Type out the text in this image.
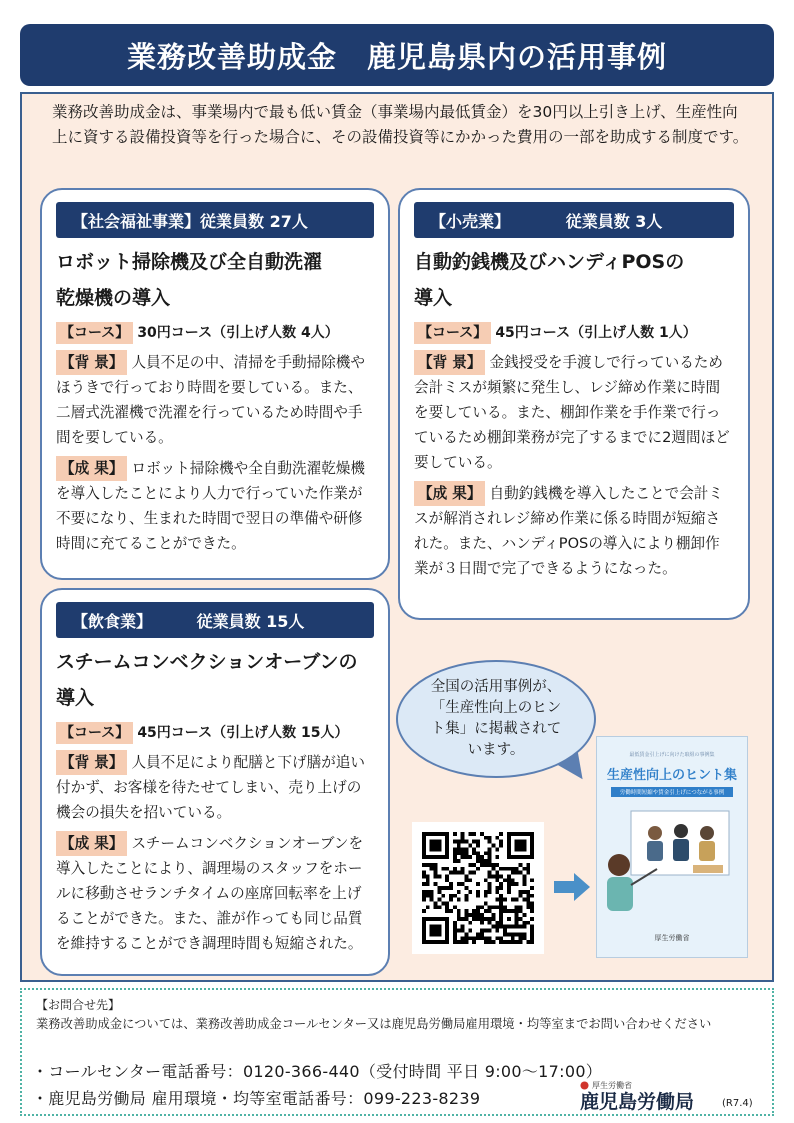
業務改善助成金　鹿児島県内の活用事例

業務改善助成金は、事業場内で最も低い賃金（事業場内最低賃金）を30円以上引き上げ、生産性向上に資する設備投資等を行った場合に、その設備投資等にかかった費用の一部を助成する制度です。

【社会福祉事業】従業員数 27人
ロボット掃除機及び全自動洗濯
乾燥機の導入
【コース】 30円コース（引上げ人数 4人）
【背 景】 人員不足の中、清掃を手動掃除機やほうきで行っており時間を要している。また、二層式洗濯機で洗濯を行っているため時間や手間を要している。
【成 果】 ロボット掃除機や全自動洗濯乾燥機を導入したことにより人力で行っていた作業が不要になり、生まれた時間で翌日の準備や研修時間に充てることができた。
【小売業】          従業員数 3人
自動釣銭機及びハンディPOSの
導入
【コース】 45円コース（引上げ人数 1人）
【背 景】 金銭授受を手渡しで行っているため会計ミスが頻繁に発生し、レジ締め作業に時間を要している。また、棚卸作業を手作業で行っているため棚卸業務が完了するまでに2週間ほど要している。
【成 果】 自動釣銭機を導入したことで会計ミスが解消されレジ締め作業に係る時間が短縮された。また、ハンディPOSの導入により棚卸作業が３日間で完了できるようになった。
【飲食業】        従業員数 15人
スチームコンベクションオーブンの
導入
【コース】 45円コース（引上げ人数 15人）
【背 景】 人員不足により配膳と下げ膳が追い付かず、お客様を待たせてしまい、売り上げの機会の損失を招いている。
【成 果】 スチームコンベクションオーブンを導入したことにより、調理場のスタッフをホールに移動させランチタイムの座席回転率を上げることができた。また、誰が作っても同じ品質を維持することができ調理時間も短縮された。
全国の活用事例が、「生産性向上のヒント集」に掲載されています。	最低賃金引上げに向けた取組の事例集
生産性向上のヒント集
労働時間短縮や賃金引上げにつながる事例
厚生労働省
【お問合せ先】
業務改善助成金については、業務改善助成金コールセンター又は鹿児島労働局雇用環境・均等室までお問い合わせください
・コールセンター電話番号：0120-366-440（受付時間 平日 9:00～17:00）
・鹿児島労働局 雇用環境・均等室電話番号：099-223-8239
厚生労働省
鹿児島労働局	(R7.4)
